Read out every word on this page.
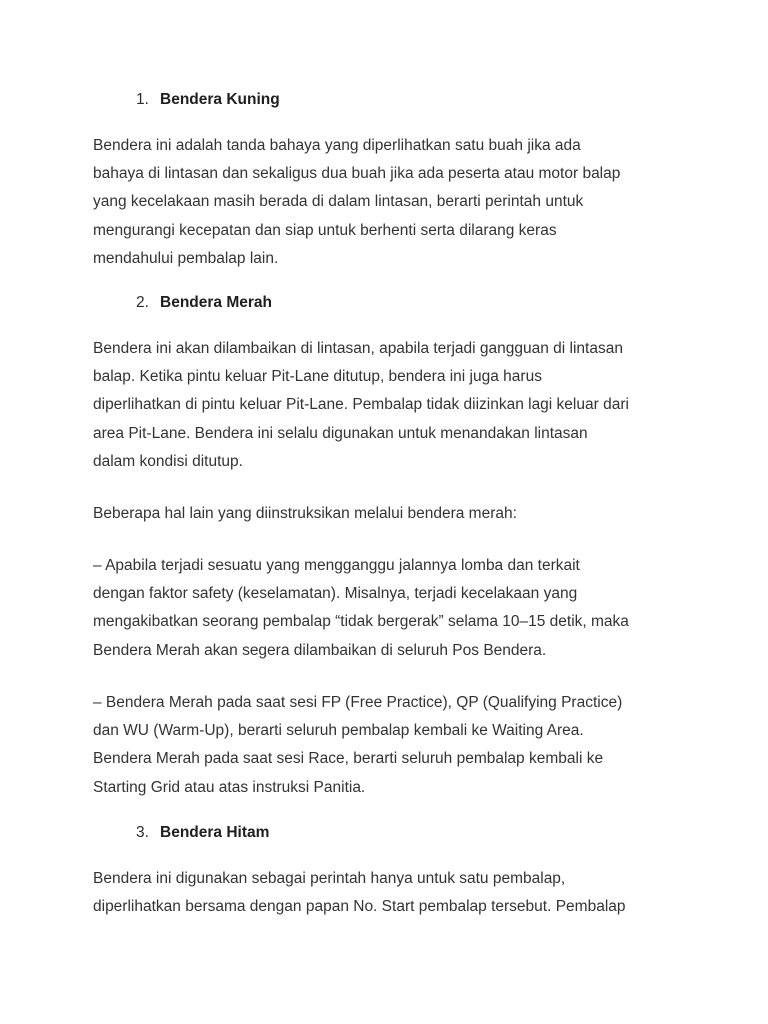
1. Bendera Kuning

Bendera ini adalah tanda bahaya yang diperlihatkan satu buah jika ada
bahaya di lintasan dan sekaligus dua buah jika ada peserta atau motor balap
yang kecelakaan masih berada di dalam lintasan, berarti perintah untuk
mengurangi kecepatan dan siap untuk berhenti serta dilarang keras
mendahului pembalap lain.

2. Bendera Merah

Bendera ini akan dilambaikan di lintasan, apabila terjadi gangguan di lintasan
balap. Ketika pintu keluar Pit-Lane ditutup, bendera ini juga harus
diperlihatkan di pintu keluar Pit-Lane. Pembalap tidak diizinkan lagi keluar dari
area Pit-Lane. Bendera ini selalu digunakan untuk menandakan lintasan
dalam kondisi ditutup.

Beberapa hal lain yang diinstruksikan melalui bendera merah:

– Apabila terjadi sesuatu yang mengganggu jalannya lomba dan terkait
dengan faktor safety (keselamatan). Misalnya, terjadi kecelakaan yang
mengakibatkan seorang pembalap “tidak bergerak” selama 10–15 detik, maka
Bendera Merah akan segera dilambaikan di seluruh Pos Bendera.

– Bendera Merah pada saat sesi FP (Free Practice), QP (Qualifying Practice)
dan WU (Warm-Up), berarti seluruh pembalap kembali ke Waiting Area.
Bendera Merah pada saat sesi Race, berarti seluruh pembalap kembali ke
Starting Grid atau atas instruksi Panitia.

3. Bendera Hitam

Bendera ini digunakan sebagai perintah hanya untuk satu pembalap,
diperlihatkan bersama dengan papan No. Start pembalap tersebut. Pembalap
